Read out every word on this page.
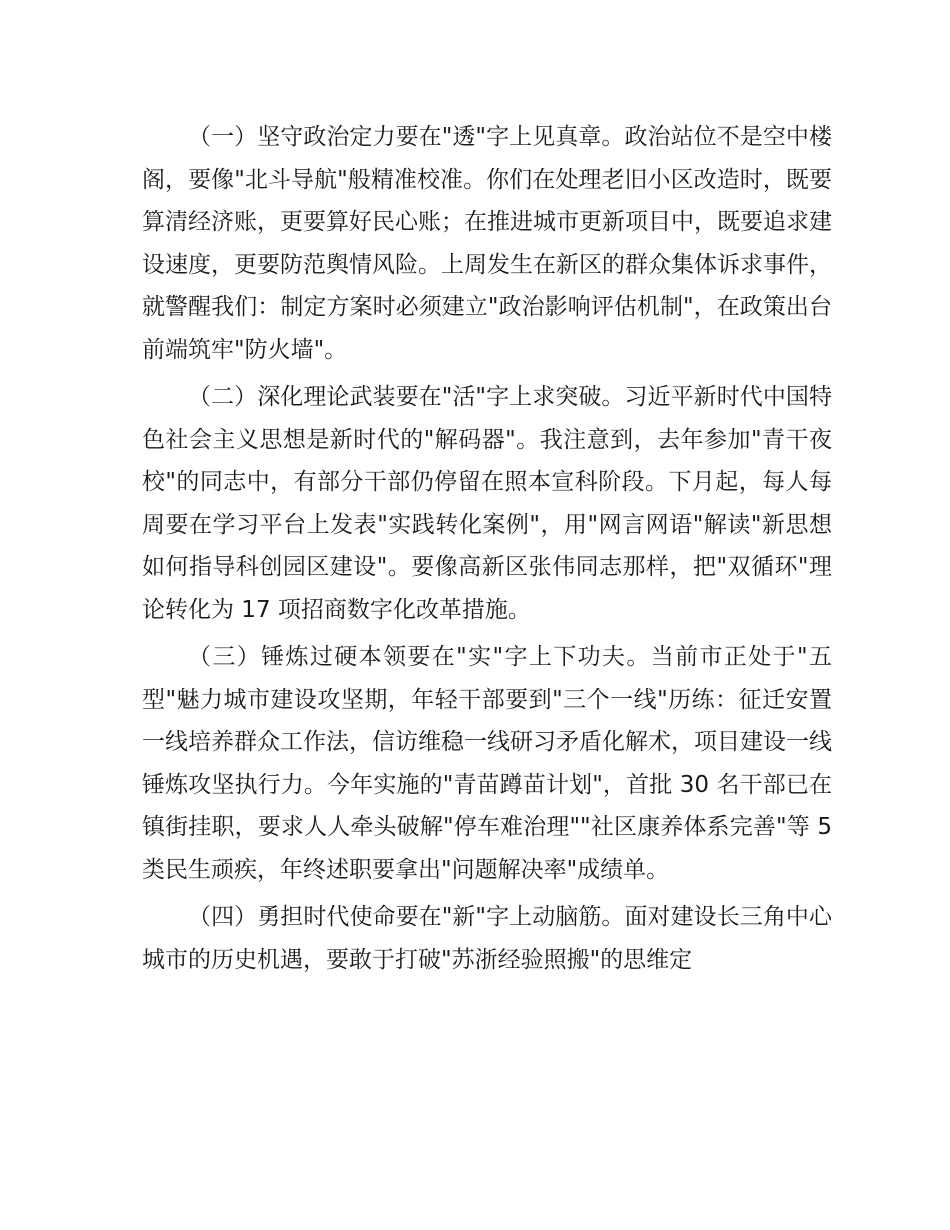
（一）坚守政治定力要在"透"字上见真章。政治站位不是空中楼阁，要像"北斗导航"般精准校准。你们在处理老旧小区改造时，既要算清经济账，更要算好民心账；在推进城市更新项目中，既要追求建设速度，更要防范舆情风险。上周发生在新区的群众集体诉求事件，就警醒我们：制定方案时必须建立"政治影响评估机制"，在政策出台前端筑牢"防火墙"。

（二）深化理论武装要在"活"字上求突破。习近平新时代中国特色社会主义思想是新时代的"解码器"。我注意到，去年参加"青干夜校"的同志中，有部分干部仍停留在照本宣科阶段。下月起，每人每周要在学习平台上发表"实践转化案例"，用"网言网语"解读"新思想如何指导科创园区建设"。要像高新区张伟同志那样，把"双循环"理论转化为 17 项招商数字化改革措施。

（三）锤炼过硬本领要在"实"字上下功夫。当前市正处于"五型"魅力城市建设攻坚期，年轻干部要到"三个一线"历练：征迁安置一线培养群众工作法，信访维稳一线研习矛盾化解术，项目建设一线锤炼攻坚执行力。今年实施的"青苗蹲苗计划"，首批 30 名干部已在镇街挂职，要求人人牵头破解"停车难治理""社区康养体系完善"等 5 类民生顽疾，年终述职要拿出"问题解决率"成绩单。

（四）勇担时代使命要在"新"字上动脑筋。面对建设长三角中心城市的历史机遇，要敢于打破"苏浙经验照搬"的思维定
